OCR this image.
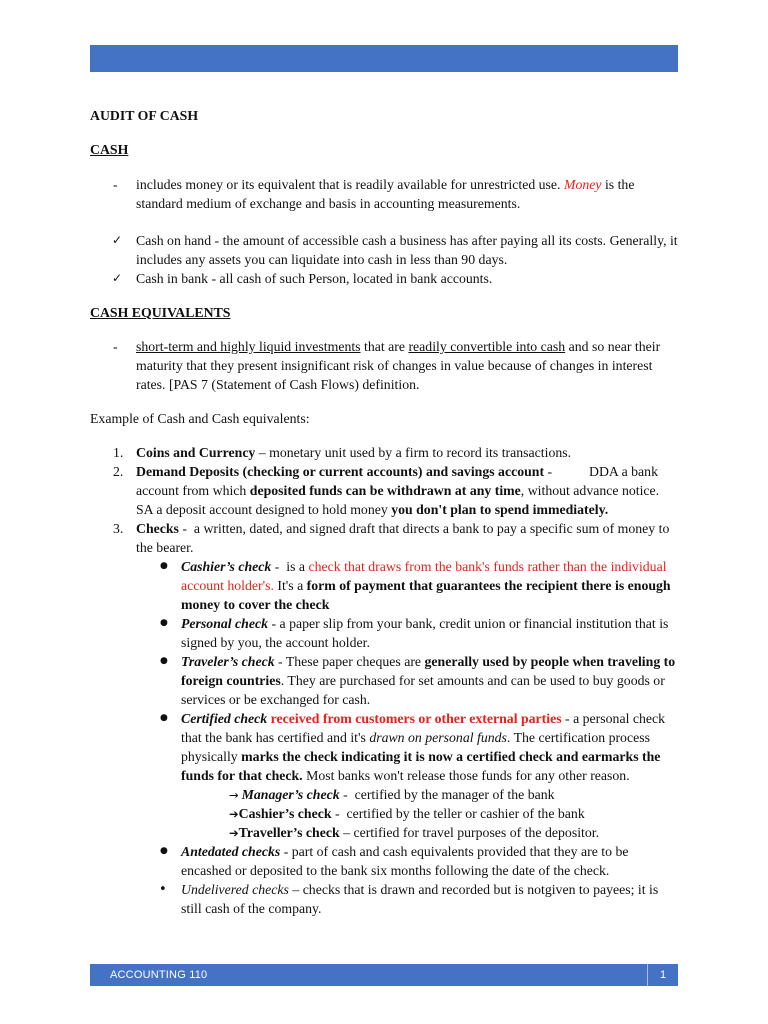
AUDIT OF CASH
CASH
- includes money or its equivalent that is readily available for unrestricted use. Money is the
standard medium of exchange and basis in accounting measurements.
✓ Cash on hand - the amount of accessible cash a business has after paying all its costs. Generally, it
includes any assets you can liquidate into cash in less than 90 days.
✓ Cash in bank - all cash of such Person, located in bank accounts.
CASH EQUIVALENTS
- short-term and highly liquid investments that are readily convertible into cash and so near their
maturity that they present insignificant risk of changes in value because of changes in interest
rates. [PAS 7 (Statement of Cash Flows) definition.
Example of Cash and Cash equivalents:
1. Coins and Currency – monetary unit used by a firm to record its transactions.
2. Demand Deposits (checking or current accounts) and savings account -	DDA a bank
account from which deposited funds can be withdrawn at any time, without advance notice.
SA a deposit account designed to hold money you don't plan to spend immediately.
3. Checks -  a written, dated, and signed draft that directs a bank to pay a specific sum of money to
the bearer.
● Cashier’s check -  is a check that draws from the bank's funds rather than the individual
account holder's. It's a form of payment that guarantees the recipient there is enough
money to cover the check
● Personal check - a paper slip from your bank, credit union or financial institution that is
signed by you, the account holder.
● Traveler’s check - These paper cheques are generally used by people when traveling to
foreign countries. They are purchased for set amounts and can be used to buy goods or
services or be exchanged for cash.
● Certified check received from customers or other external parties - a personal check
that the bank has certified and it's drawn on personal funds. The certification process
physically marks the check indicating it is now a certified check and earmarks the
funds for that check. Most banks won't release those funds for any other reason.
→ Manager’s check -  certified by the manager of the bank
➔Cashier’s check -  certified by the teller or cashier of the bank
➔Traveller’s check – certified for travel purposes of the depositor.
● Antedated checks - part of cash and cash equivalents provided that they are to be
encashed or deposited to the bank six months following the date of the check.
• Undelivered checks – checks that is drawn and recorded but is notgiven to payees; it is
still cash of the company.
ACCOUNTING 110	1
